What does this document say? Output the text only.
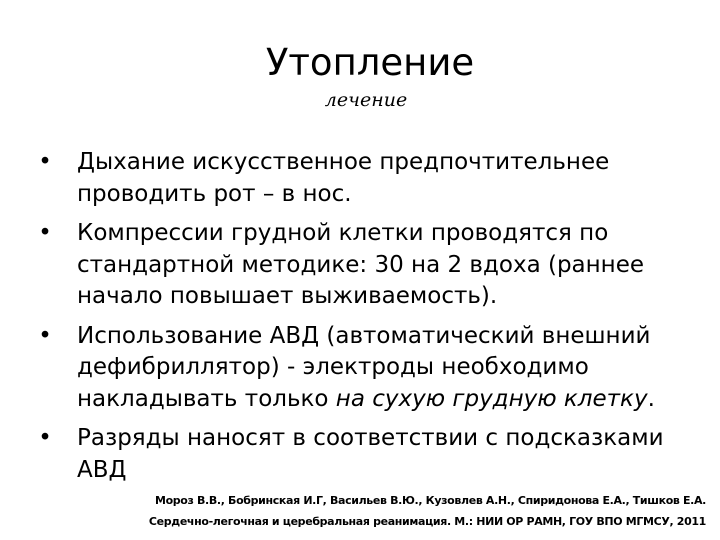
Утопление
лечение
• Дыхание искусственное предпочтительнее проводить рот – в нос.
• Компрессии грудной клетки проводятся по стандартной методике: 30 на 2 вдоха (раннее начало повышает выживаемость).
• Использование АВД (автоматический внешний дефибриллятор) - электроды необходимо накладывать только на сухую грудную клетку.
• Разряды наносят в соответствии с подсказками АВД
Мороз В.В., Бобринская И.Г, Васильев В.Ю., Кузовлев А.Н., Спиридонова Е.А., Тишков Е.А.
Сердечно-легочная и церебральная реанимация. М.: НИИ ОР РАМН, ГОУ ВПО МГМСУ, 2011
